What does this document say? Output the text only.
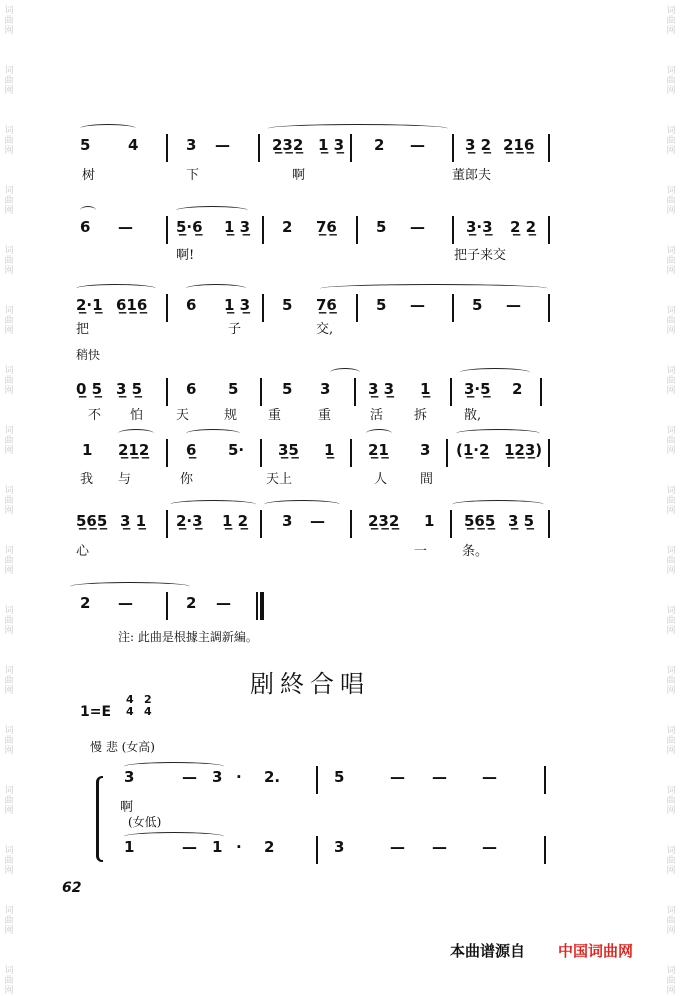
词
曲
网
词
曲
网
词
曲
网
词
曲
网
词
曲
网
词
曲
网
词
曲
网
词
曲
网
词
曲
网
词
曲
网
词
曲
网
词
曲
网
词
曲
网
词
曲
网
词
曲
网
词
曲
网
词
曲
网
词
曲
网
词
曲
网
词
曲
网
词
曲
网
词
曲
网
词
曲
网
词
曲
网
词
曲
网
词
曲
网
词
曲
网
词
曲
网
词
曲
网
词
曲
网
词
曲
网
词
曲
网
词
曲
网
词
曲
网
5	4	3 —	2̲3̲2̲ 1̲ 3̲ 2 —	3̲ 2̲ 2̲1̲6̲
树	下	啊	董郎夫
6 —	5̲·6̲ 1̲ 3̲ 2 7̲6̲	5 —	3̲·3̲ 2̲ 2̲
啊!	把子来交
2̲·1̲ 6̲1̲6̲	6 1̲ 3̲ 5 7̲6̲	5 —	5 —
把	子	交,
0̲ 5̲ 3̲ 5̲	6 5	5 3	3̲ 3̲ 1̲ 3̲·5̲ 2
不 怕	天	规 重	重	活 拆	散,
稍快
1 2̲1̲2̲ 6̲ 5· 3̲5̲ 1̲ 2̲1̲ 3 (1̲·2̲ 1̲2̲3̲)
我 与	你	天上	人	間
5̲6̲5̲ 3̲ 1̲ 2̲·3̲ 1̲ 2̲ 3 —	2̲3̲2̲ 1 5̲6̲5̲ 3̲ 5̲
心	一	条。
2 —	2 —
注: 此曲是根據主調新編。
剧終合唱
1=E
4
4
2
4
慢 悲 (女高)
3	— 3 · 2.	5	— — —
1	— 1 · 2	3	— — —
啊
(女低)
62
本曲谱源自 中国词曲网
